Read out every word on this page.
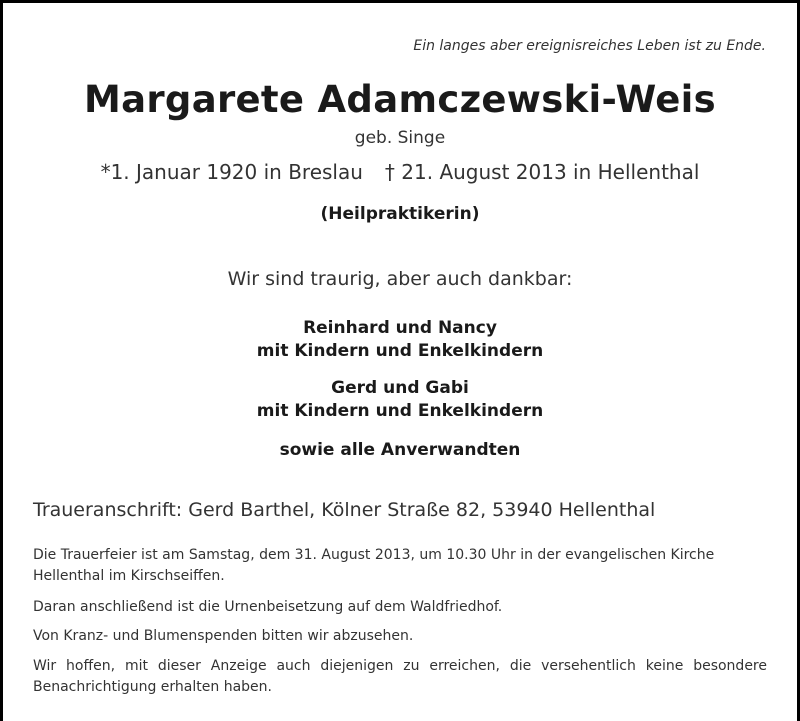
Ein langes aber ereignisreiches Leben ist zu Ende.
Margarete Adamczewski-Weis
geb. Singe
*1. Januar 1920 in Breslau † 21. August 2013 in Hellenthal
(Heilpraktikerin)
Wir sind traurig, aber auch dankbar:
Reinhard und Nancy
mit Kindern und Enkelkindern
Gerd und Gabi
mit Kindern und Enkelkindern
sowie alle Anverwandten
Traueranschrift: Gerd Barthel, Kölner Straße 82, 53940 Hellenthal
Die Trauerfeier ist am Samstag, dem 31. August 2013, um 10.30 Uhr in der evangelischen Kirche Hellenthal im Kirschseiffen.
Daran anschließend ist die Urnenbeisetzung auf dem Waldfriedhof.
Von Kranz- und Blumenspenden bitten wir abzusehen.
Wir hoffen, mit dieser Anzeige auch diejenigen zu erreichen, die versehentlich keine besondere Benachrichtigung erhalten haben.
